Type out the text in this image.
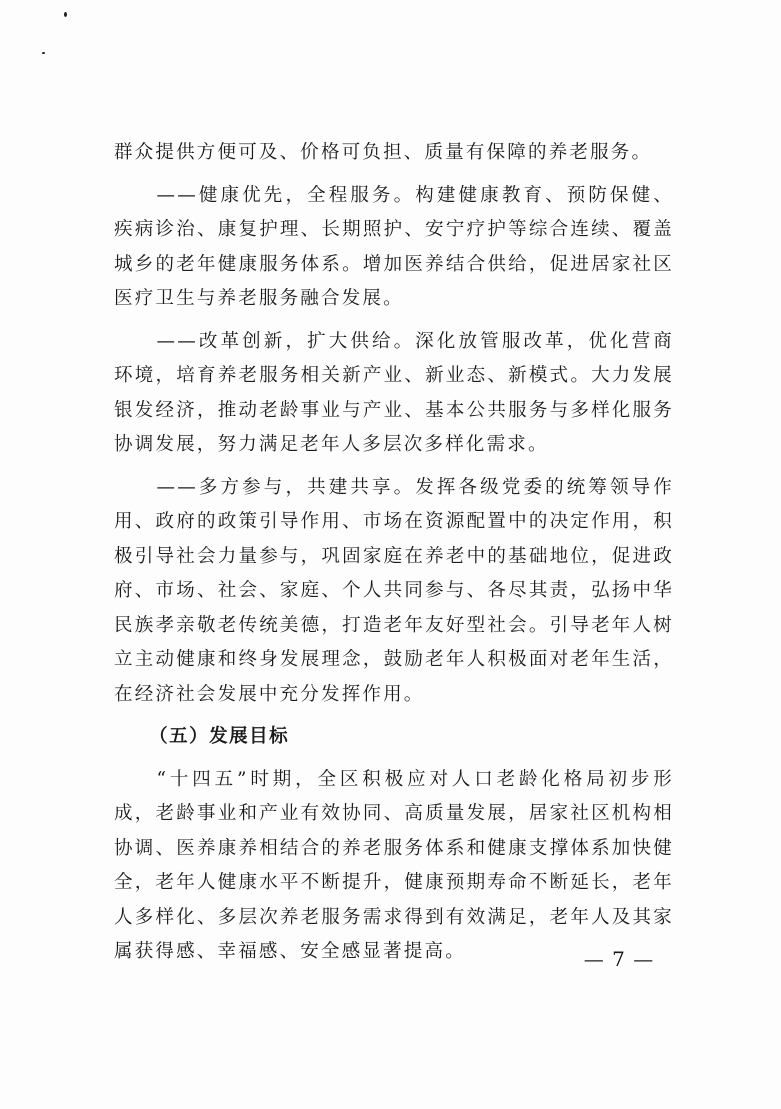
群众提供方便可及、价格可负担、质量有保障的养老服务。

——健康优先，全程服务。构建健康教育、预防保健、疾病诊治、康复护理、长期照护、安宁疗护等综合连续、覆盖城乡的老年健康服务体系。增加医养结合供给，促进居家社区医疗卫生与养老服务融合发展。

——改革创新，扩大供给。深化放管服改革，优化营商环境，培育养老服务相关新产业、新业态、新模式。大力发展银发经济，推动老龄事业与产业、基本公共服务与多样化服务协调发展，努力满足老年人多层次多样化需求。

——多方参与，共建共享。发挥各级党委的统筹领导作用、政府的政策引导作用、市场在资源配置中的决定作用，积极引导社会力量参与，巩固家庭在养老中的基础地位，促进政府、市场、社会、家庭、个人共同参与、各尽其责，弘扬中华民族孝亲敬老传统美德，打造老年友好型社会。引导老年人树立主动健康和终身发展理念，鼓励老年人积极面对老年生活，在经济社会发展中充分发挥作用。

（五）发展目标

“十四五”时期，全区积极应对人口老龄化格局初步形成，老龄事业和产业有效协同、高质量发展，居家社区机构相协调、医养康养相结合的养老服务体系和健康支撑体系加快健全，老年人健康水平不断提升，健康预期寿命不断延长，老年人多样化、多层次养老服务需求得到有效满足，老年人及其家属获得感、幸福感、安全感显著提高。	— 7 —
